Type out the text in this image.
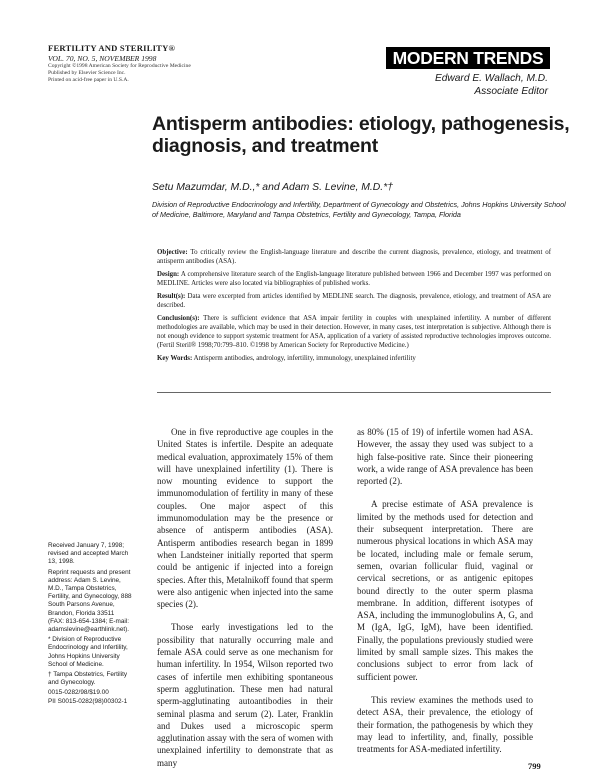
FERTILITY AND STERILITY®
VOL. 70, NO. 5, NOVEMBER 1998
Copyright ©1998 American Society for Reproductive Medicine
Published by Elsevier Science Inc.
Printed on acid-free paper in U.S.A.
MODERN TRENDS
Edward E. Wallach, M.D.
Associate Editor
Antisperm antibodies: etiology, pathogenesis, diagnosis, and treatment
Setu Mazumdar, M.D.,* and Adam S. Levine, M.D.*†
Division of Reproductive Endocrinology and Infertility, Department of Gynecology and Obstetrics, Johns Hopkins University School of Medicine, Baltimore, Maryland and Tampa Obstetrics, Fertility and Gynecology, Tampa, Florida

Objective: To critically review the English-language literature and describe the current diagnosis, prevalence, etiology, and treatment of antisperm antibodies (ASA).

Design: A comprehensive literature search of the English-language literature published between 1966 and December 1997 was performed on MEDLINE. Articles were also located via bibliographies of published works.

Result(s): Data were excerpted from articles identified by MEDLINE search. The diagnosis, prevalence, etiology, and treatment of ASA are described.

Conclusion(s): There is sufficient evidence that ASA impair fertility in couples with unexplained infertility. A number of different methodologies are available, which may be used in their detection. However, in many cases, test interpretation is subjective. Although there is not enough evidence to support systemic treatment for ASA, application of a variety of assisted reproductive technologies improves outcome. (Fertil Steril® 1998;70:799–810. ©1998 by American Society for Reproductive Medicine.)

Key Words: Antisperm antibodies, andrology, infertility, immunology, unexplained infertility

Received January 7, 1998; revised and accepted March 13, 1998.

Reprint requests and present address: Adam S. Levine, M.D., Tampa Obstetrics, Fertility, and Gynecology, 888 South Parsons Avenue, Brandon, Florida 33511 (FAX: 813-654-1384; E-mail: adamslevine@earthlink.net).

* Division of Reproductive Endocrinology and Infertility, Johns Hopkins University School of Medicine.

† Tampa Obstetrics, Fertility and Gynecology.

0015-0282/98/$19.00
PII S0015-0282(98)00302-1

One in five reproductive age couples in the United States is infertile. Despite an adequate medical evaluation, approximately 15% of them will have unexplained infertility (1). There is now mounting evidence to support the immunomodulation of fertility in many of these couples. One major aspect of this immunomodulation may be the presence or absence of antisperm antibodies (ASA). Antisperm antibodies research began in 1899 when Landsteiner initially reported that sperm could be antigenic if injected into a foreign species. After this, Metalnikoff found that sperm were also antigenic when injected into the same species (2).

Those early investigations led to the possibility that naturally occurring male and female ASA could serve as one mechanism for human infertility. In 1954, Wilson reported two cases of infertile men exhibiting spontaneous sperm agglutination. These men had natural sperm-agglutinating autoantibodies in their seminal plasma and serum (2). Later, Franklin and Dukes used a microscopic sperm agglutination assay with the sera of women with unexplained infertility to demonstrate that as many

as 80% (15 of 19) of infertile women had ASA. However, the assay they used was subject to a high false-positive rate. Since their pioneering work, a wide range of ASA prevalence has been reported (2).

A precise estimate of ASA prevalence is limited by the methods used for detection and their subsequent interpretation. There are numerous physical locations in which ASA may be located, including male or female serum, semen, ovarian follicular fluid, vaginal or cervical secretions, or as antigenic epitopes bound directly to the outer sperm plasma membrane. In addition, different isotypes of ASA, including the immunoglobulins A, G, and M (IgA, IgG, IgM), have been identified. Finally, the populations previously studied were limited by small sample sizes. This makes the conclusions subject to error from lack of sufficient power.

This review examines the methods used to detect ASA, their prevalence, the etiology of their formation, the pathogenesis by which they may lead to infertility, and, finally, possible treatments for ASA-mediated infertility.

799
